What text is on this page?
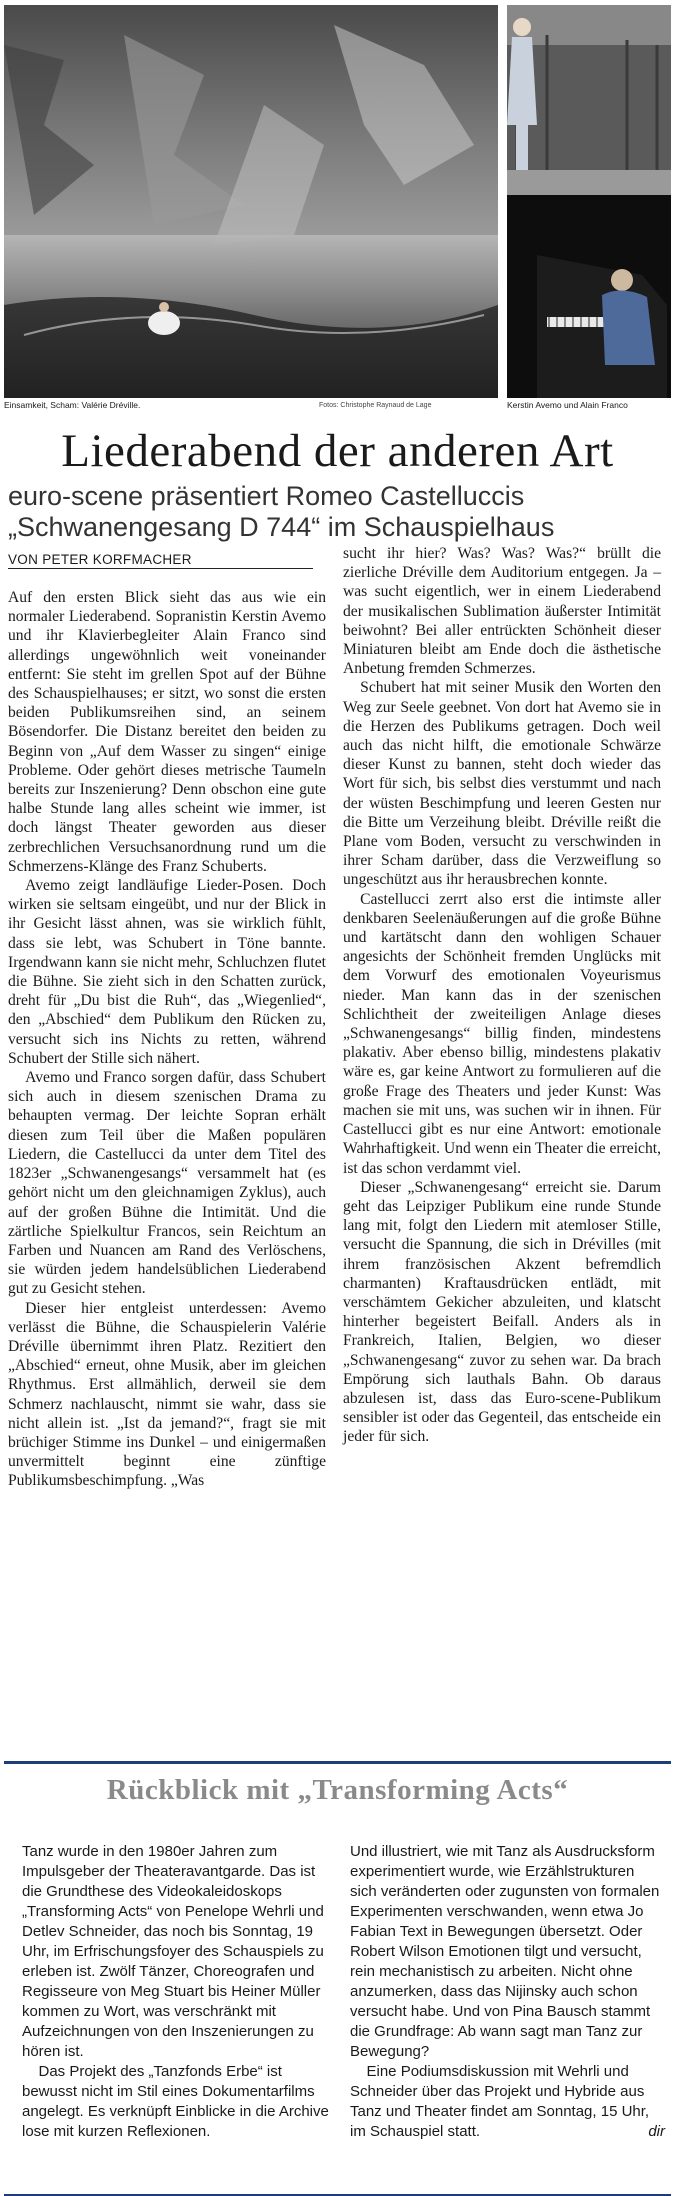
Einsamkeit, Scham: Valérie Dréville.	Fotos: Christophe Raynaud de Lage	Kerstin Avemo und Alain Franco
Liederabend der anderen Art
euro-scene präsentiert Romeo Castelluccis
„Schwanengesang D 744“ im Schauspielhaus
VON PETER KORFMACHER

Auf den ersten Blick sieht das aus wie ein normaler Liederabend. Sopranistin Kerstin Avemo und ihr Klavierbegleiter Alain Franco sind allerdings ungewöhnlich weit voneinander entfernt: Sie steht im grellen Spot auf der Bühne des Schauspielhauses; er sitzt, wo sonst die ersten beiden Publikumsreihen sind, an seinem Bösendorfer. Die Distanz bereitet den beiden zu Beginn von „Auf dem Wasser zu singen“ einige Probleme. Oder gehört dieses metrische Taumeln bereits zur Inszenierung? Denn obschon eine gute halbe Stunde lang alles scheint wie immer, ist doch längst Theater geworden aus dieser zerbrechlichen Versuchsanordnung rund um die Schmerzens-Klänge des Franz Schuberts.

Avemo zeigt landläufige Lieder-Posen. Doch wirken sie seltsam eingeübt, und nur der Blick in ihr Gesicht lässt ahnen, was sie wirklich fühlt, dass sie lebt, was Schubert in Töne bannte. Irgendwann kann sie nicht mehr, Schluchzen flutet die Bühne. Sie zieht sich in den Schatten zurück, dreht für „Du bist die Ruh“, das „Wiegenlied“, den „Abschied“ dem Publikum den Rücken zu, versucht sich ins Nichts zu retten, während Schubert der Stille sich nähert.

Avemo und Franco sorgen dafür, dass Schubert sich auch in diesem szenischen Drama zu behaupten vermag. Der leichte Sopran erhält diesen zum Teil über die Maßen populären Liedern, die Castellucci da unter dem Titel des 1823er „Schwanengesangs“ versammelt hat (es gehört nicht um den gleichnamigen Zyklus), auch auf der großen Bühne die Intimität. Und die zärtliche Spielkultur Francos, sein Reichtum an Farben und Nuancen am Rand des Verlöschens, sie würden jedem handelsüblichen Liederabend gut zu Gesicht stehen.

Dieser hier entgleist unterdessen: Avemo verlässt die Bühne, die Schauspielerin Valérie Dréville übernimmt ihren Platz. Rezitiert den „Abschied“ erneut, ohne Musik, aber im gleichen Rhythmus. Erst allmählich, derweil sie dem Schmerz nachlauscht, nimmt sie wahr, dass sie nicht allein ist. „Ist da jemand?“, fragt sie mit brüchiger Stimme ins Dunkel – und einigermaßen unvermittelt beginnt eine zünftige Publikumsbeschimpfung. „Was

sucht ihr hier? Was? Was? Was?“ brüllt die zierliche Dréville dem Auditorium entgegen. Ja – was sucht eigentlich, wer in einem Liederabend der musikalischen Sublimation äußerster Intimität beiwohnt? Bei aller entrückten Schönheit dieser Miniaturen bleibt am Ende doch die ästhetische Anbetung fremden Schmerzes.

Schubert hat mit seiner Musik den Worten den Weg zur Seele geebnet. Von dort hat Avemo sie in die Herzen des Publikums getragen. Doch weil auch das nicht hilft, die emotionale Schwärze dieser Kunst zu bannen, steht doch wieder das Wort für sich, bis selbst dies verstummt und nach der wüsten Beschimpfung und leeren Gesten nur die Bitte um Verzeihung bleibt. Dréville reißt die Plane vom Boden, versucht zu verschwinden in ihrer Scham darüber, dass die Verzweiflung so ungeschützt aus ihr herausbrechen konnte.

Castellucci zerrt also erst die intimste aller denkbaren Seelenäußerungen auf die große Bühne und kartätscht dann den wohligen Schauer angesichts der Schönheit fremden Unglücks mit dem Vorwurf des emotionalen Voyeurismus nieder. Man kann das in der szenischen Schlichtheit der zweiteiligen Anlage dieses „Schwanengesangs“ billig finden, mindestens plakativ. Aber ebenso billig, mindestens plakativ wäre es, gar keine Antwort zu formulieren auf die große Frage des Theaters und jeder Kunst: Was machen sie mit uns, was suchen wir in ihnen. Für Castellucci gibt es nur eine Antwort: emotionale Wahrhaftigkeit. Und wenn ein Theater die erreicht, ist das schon verdammt viel.

Dieser „Schwanengesang“ erreicht sie. Darum geht das Leipziger Publikum eine runde Stunde lang mit, folgt den Liedern mit atemloser Stille, versucht die Spannung, die sich in Drévilles (mit ihrem französischen Akzent befremdlich charmanten) Kraftausdrücken entlädt, mit verschämtem Gekicher abzuleiten, und klatscht hinterher begeistert Beifall. Anders als in Frankreich, Italien, Belgien, wo dieser „Schwanengesang“ zuvor zu sehen war. Da brach Empörung sich lauthals Bahn. Ob daraus abzulesen ist, dass das Euro-scene-Publikum sensibler ist oder das Gegenteil, das entscheide ein jeder für sich.

Rückblick mit „Transforming Acts“

Tanz wurde in den 1980er Jahren zum Impulsgeber der Theateravantgarde. Das ist die Grundthese des Videokaleidoskops „Transforming Acts“ von Penelope Wehrli und Detlev Schneider, das noch bis Sonntag, 19 Uhr, im Erfrischungsfoyer des Schauspiels zu erleben ist. Zwölf Tänzer, Choreografen und Regisseure von Meg Stuart bis Heiner Müller kommen zu Wort, was verschränkt mit Aufzeichnungen von den Inszenierungen zu hören ist.

Das Projekt des „Tanzfonds Erbe“ ist bewusst nicht im Stil eines Dokumentarfilms angelegt. Es verknüpft Einblicke in die Archive lose mit kurzen Reflexionen.

Und illustriert, wie mit Tanz als Ausdrucksform experimentiert wurde, wie Erzählstrukturen sich veränderten oder zugunsten von formalen Experimenten verschwanden, wenn etwa Jo Fabian Text in Bewegungen übersetzt. Oder Robert Wilson Emotionen tilgt und versucht, rein mechanistisch zu arbeiten. Nicht ohne anzumerken, dass das Nijinsky auch schon versucht habe. Und von Pina Bausch stammt die Grundfrage: Ab wann sagt man Tanz zur Bewegung?

Eine Podiumsdiskussion mit Wehrli und Schneider über das Projekt und Hybride aus Tanz und Theater findet am Sonntag, 15 Uhr, im Schauspiel statt.	dir
